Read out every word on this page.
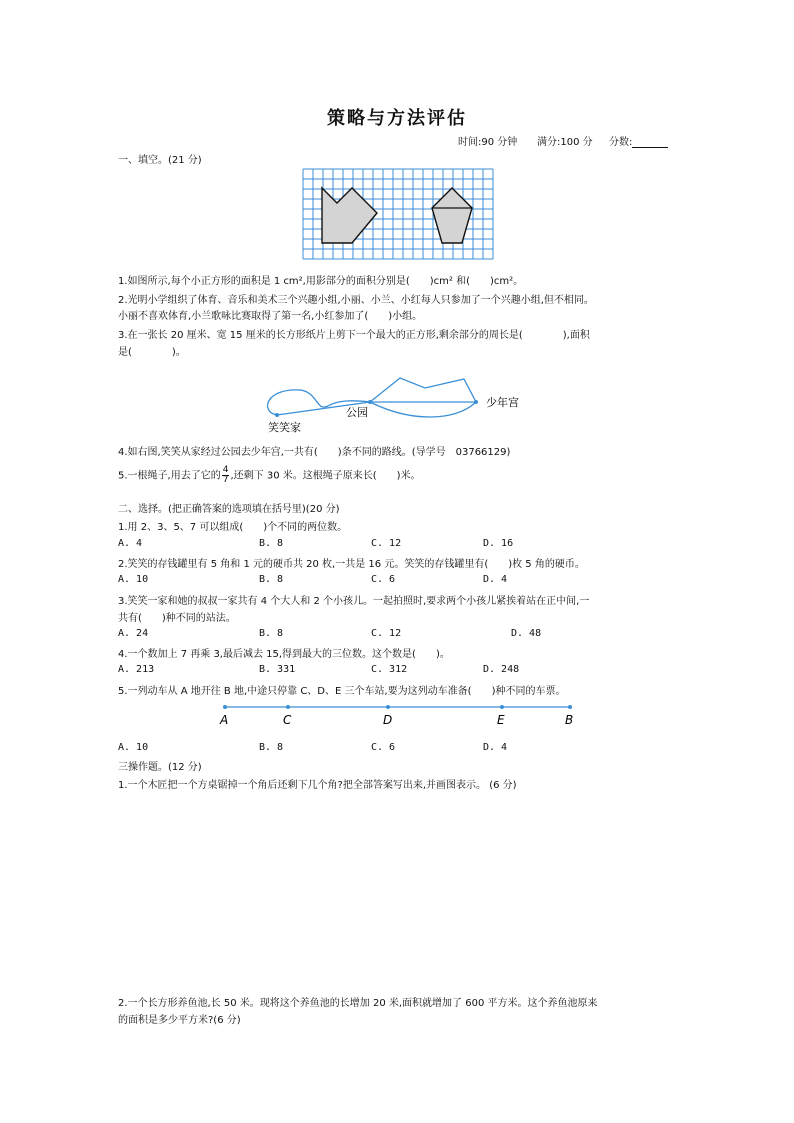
策略与方法评估
时间:90 分钟 满分:100 分 分数:
一、填空。(21 分)
1.如图所示,每个小正方形的面积是 1 cm²,用影部分的面积分别是(　　)cm² 和(　　)cm²。
2.光明小学组织了体育、音乐和美术三个兴趣小组,小丽、小兰、小红每人只参加了一个兴趣小组,但不相同。
小丽不喜欢体育,小兰歌咏比赛取得了第一名,小红参加了(　　)小组。
3.在一张长 20 厘米、宽 15 厘米的长方形纸片上剪下一个最大的正方形,剩余部分的周长是(　　　　),面积
是(　　　　)。
笑笑家
公园
少年宫
4.如右图,笑笑从家经过公园去少年宫,一共有(　　)条不同的路线。(导学号　03766129)
5.一根绳子,用去了它的 $\frac{4}{7}$ ,还剩下 30 米。这根绳子原来长(　　)米。
二、选择。(把正确答案的选项填在括号里)(20 分)
1.用 2、3、5、7 可以组成(　　)个不同的两位数。
A. 4	B. 8	C. 12	D. 16
2.笑笑的存钱罐里有 5 角和 1 元的硬币共 20 枚,一共是 16 元。笑笑的存钱罐里有(　　)枚 5 角的硬币。
A. 10	B. 8	C. 6	D. 4
3.笑笑一家和她的叔叔一家共有 4 个大人和 2 个小孩儿。一起拍照时,要求两个小孩儿紧挨着站在正中间,一
共有(　　)种不同的站法。
A. 24	B. 8	C. 12	D. 48
4.一个数加上 7 再乘 3,最后减去 15,得到最大的三位数。这个数是(　　)。
A. 213	B. 331	C. 312	D. 248
5.一列动车从 A 地开往 B 地,中途只停靠 C、D、E 三个车站,要为这列动车准备(　　)种不同的车票。
A	C	D	E	B
A. 10	B. 8	C. 6	D. 4
三操作题。(12 分)
1.一个木匠把一个方桌锯掉一个角后还剩下几个角?把全部答案写出来,并画图表示。 (6 分)
2.一个长方形养鱼池,长 50 米。现将这个养鱼池的长增加 20 米,面积就增加了 600 平方米。这个养鱼池原来
的面积是多少平方米?(6 分)
